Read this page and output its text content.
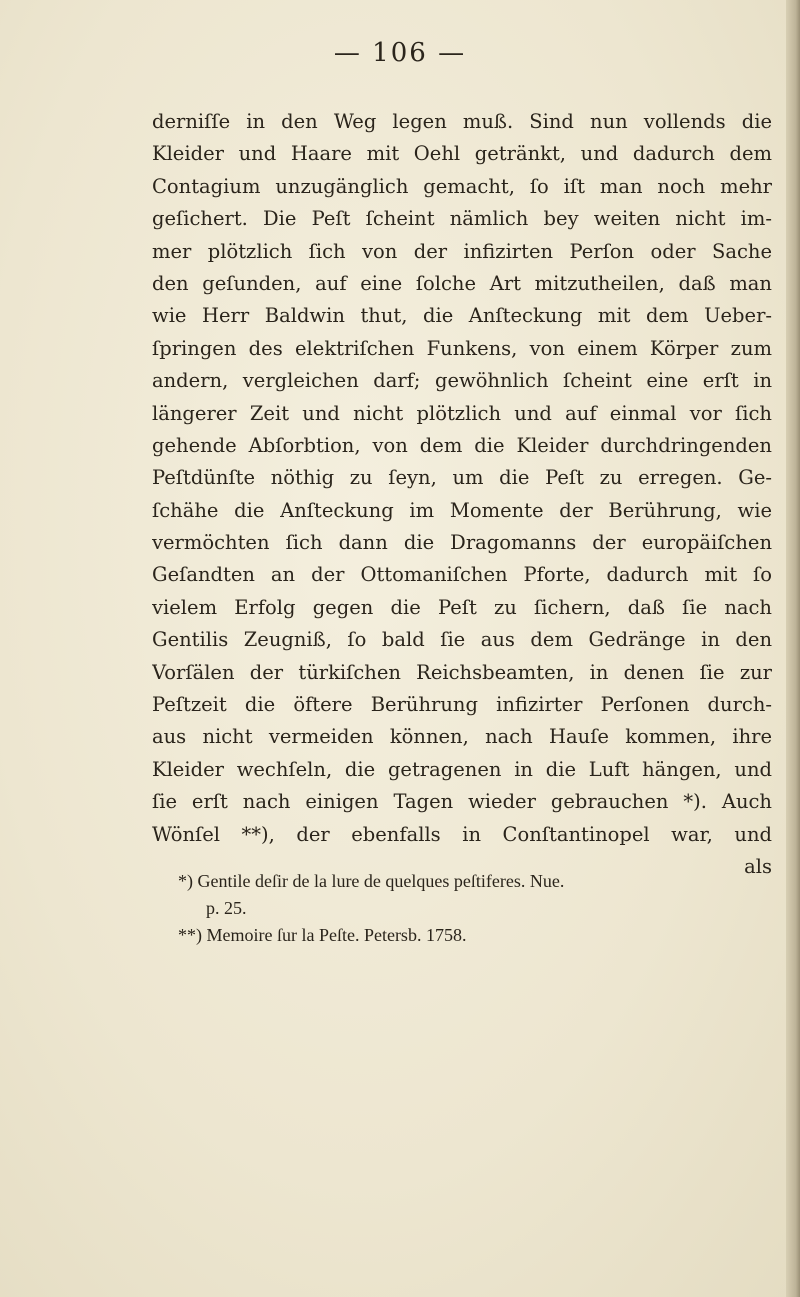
— 106 —
derniſſe in den Weg legen muß. Sind nun vollends die
Kleider und Haare mit Oehl getränkt, und dadurch dem
Contagium unzugänglich gemacht, ſo iſt man noch mehr
geſichert. Die Peſt ſcheint nämlich bey weiten nicht im-
mer plötzlich ſich von der infizirten Perſon oder Sache
den geſunden, auf eine ſolche Art mitzutheilen, daß man
wie Herr Baldwin thut, die Anſteckung mit dem Ueber-
ſpringen des elektriſchen Funkens, von einem Körper zum
andern, vergleichen darf; gewöhnlich ſcheint eine erſt in
längerer Zeit und nicht plötzlich und auf einmal vor ſich
gehende Abſorbtion, von dem die Kleider durchdringenden
Peſtdünſte nöthig zu ſeyn, um die Peſt zu erregen. Ge-
ſchähe die Anſteckung im Momente der Berührung, wie
vermöchten ſich dann die Dragomanns der europäiſchen
Geſandten an der Ottomaniſchen Pforte, dadurch mit ſo
vielem Erfolg gegen die Peſt zu ſichern, daß ſie nach
Gentilis Zeugniß, ſo bald ſie aus dem Gedränge in den
Vorſälen der türkiſchen Reichsbeamten, in denen ſie zur
Peſtzeit die öftere Berührung infizirter Perſonen durch-
aus nicht vermeiden können, nach Hauſe kommen, ihre
Kleider wechſeln, die getragenen in die Luft hängen, und
ſie erſt nach einigen Tagen wieder gebrauchen *). Auch
Wönſel **), der ebenfalls in Conſtantinopel war, und
als
*) Gentile deſir de la lure de quelques peſtiferes. Nue.
p. 25.
**) Memoire ſur la Peſte. Petersb. 1758.
